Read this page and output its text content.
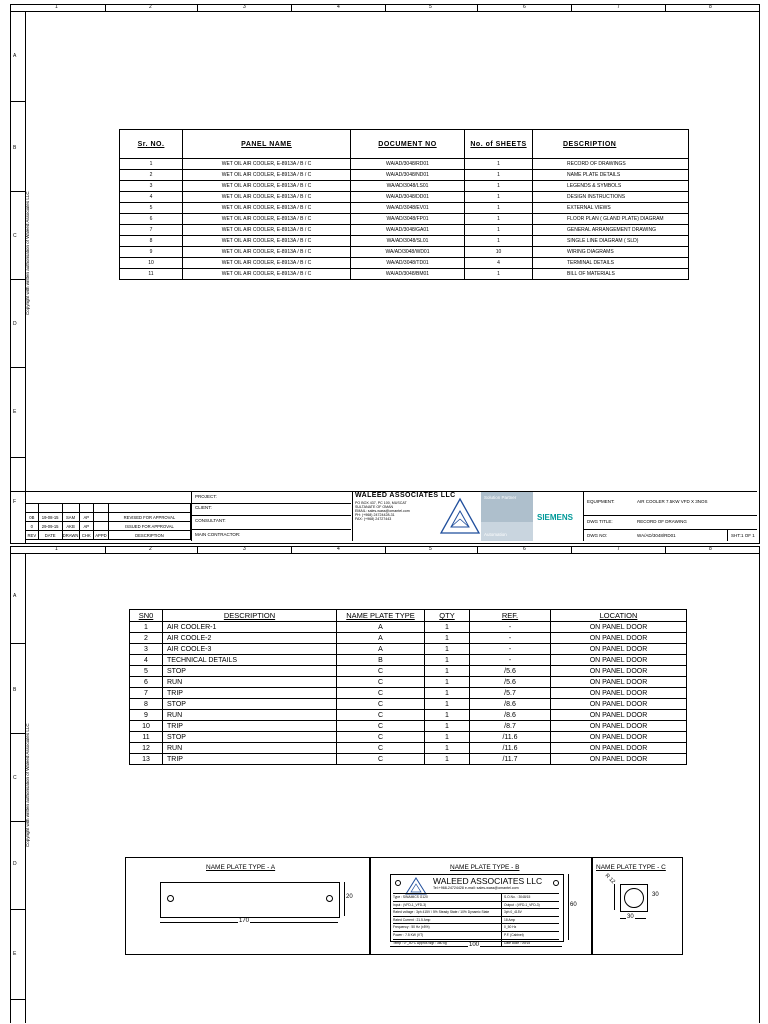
1	2	3	4	5	6	7	8
A
B
C
D
E
F
Copyright with written authorisation of Waleed Associates LLC
Sr. NO.	PANEL NAME	DOCUMENT NO	No. of SHEETS	DESCRIPTION
1	WET OIL AIR COOLER, E-8913A / B / C	WA/AD/3048/RD01	1	RECORD OF DRAWINGS
2	WET OIL AIR COOLER, E-8913A / B / C	WA/AD/3048/ND01	1	NAME PLATE DETAILS
3	WET OIL AIR COOLER, E-8913A / B / C	WA/AD/3048/LS01	1	LEGENDS & SYMBOLS
4	WET OIL AIR COOLER, E-8913A / B / C	WA/AD/3048/DD01	1	DESIGN INSTRUCTIONS
5	WET OIL AIR COOLER, E-8913A / B / C	WA/AD/3048/EV01	1	EXTERNAL VIEWS
6	WET OIL AIR COOLER, E-8913A / B / C	WA/AD/3048/FP01	1	FLOOR PLAN ( GLAND PLATE) DIAGRAM
7	WET OIL AIR COOLER, E-8913A / B / C	WA/AD/3048/GA01	1	GENERAL ARRANGEMENT DRAWING
8	WET OIL AIR COOLER, E-8913A / B / C	WA/AD/3048/SL01	1	SINGLE LINE DIAGRAM ( SLD)
9	WET OIL AIR COOLER, E-8913A / B / C	WA/AD/3048/WD01	10	WIRING DIAGRAMS
10	WET OIL AIR COOLER, E-8913A / B / C	WA/AD/3048/TD01	4	TERMINAL DETAILS
11	WET OIL AIR COOLER, E-8913A / B / C	WA/AD/3048/BM01	1	BILL OF MATERIALS

0B	19-08-15	SAM	AP		REVISED FOR APPROVAL
0	29-09-15	AKB	AP		ISSUED FOR APPROVAL
REV	DATE	DRAWN	CHK	APPD	DESCRIPTION
PROJECT:
CLIENT:
CONSULTANT:
MAIN CONTRACTOR:
WALEED ASSOCIATES LLC
PO BOX 437, PC 100, MUSCAT
SULTANATE OF OMAN
EMAIL: sales-wass@omantel.com
PH: (+968) 24724428-31
FAX: (+968) 24727443
Solution Partner
Automation
SIEMENS
EQUIPMENT:	AIR COOLER 7.5KW VFD X 3NOS
DWG TITLE:	RECORD OF DRAWING
DWG NO:	WA/AD/3048/RD01	SHT: 1 OF 1
1	2	3	4	5	6	7	8
A
B
C
D
E
Copyright with written authorisation of Waleed Associates LLC
SN0	DESCRIPTION	NAME PLATE TYPE	QTY	REF.	LOCATION
1	AIR COOLER-1	A	1	-	ON PANEL DOOR
2	AIR COOLE-2	A	1	-	ON PANEL DOOR
3	AIR COOLE-3	A	1	-	ON PANEL DOOR
4	TECHNICAL DETAILS	B	1	-	ON PANEL DOOR
5	STOP	C	1	/5.6	ON PANEL DOOR
6	RUN	C	1	/5.6	ON PANEL DOOR
7	TRIP	C	1	/5.7	ON PANEL DOOR
8	STOP	C	1	/8.6	ON PANEL DOOR
9	RUN	C	1	/8.6	ON PANEL DOOR
10	TRIP	C	1	/8.7	ON PANEL DOOR
11	STOP	C	1	/11.6	ON PANEL DOOR
12	RUN	C	1	/11.6	ON PANEL DOOR
13	TRIP	C	1	/11.7	ON PANEL DOOR
NAME PLATE TYPE - A
170
20
NAME PLATE TYPE - B
WALEED ASSOCIATES LLC
Tel:+968-24724428 e-mail: sales-wass@omantel.com
Type : SINAMICS G120	S.O.No. : 3048/15
Input : (VFD-1_VFD-3)	Output : (VFD-1_VFD-3)
Rated voltage : 3ph 415V / 5% Steady State / 10% Dynamic State	3ph 0_415V
Rated Current : 21.5 Amp	18 Amp
Frequency : 50 Hz (±5%)	0_50 Hz
Power : 7.5 KW (VT)	P.F. (Cabinet)
Temp : 0°_40°C Approx.Wgt : 360 kg	Date code : 09/15
100
60
NAME PLATE TYPE - C
R 12
30
30
